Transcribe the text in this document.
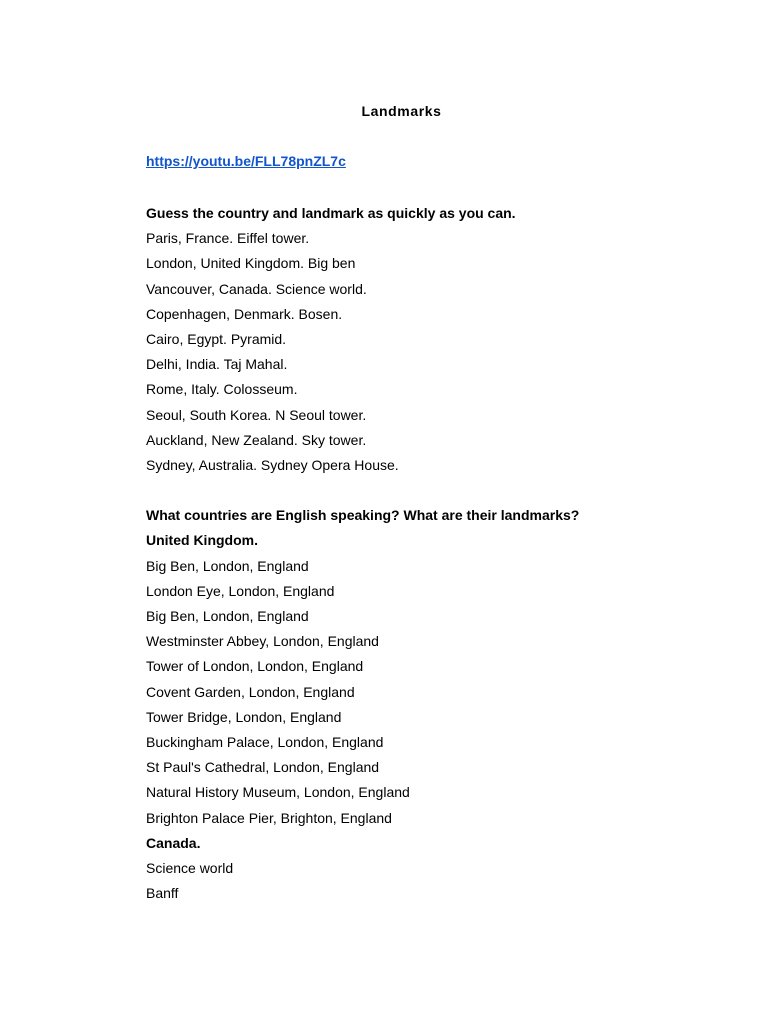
Landmarks
https://youtu.be/FLL78pnZL7c
Guess the country and landmark as quickly as you can.
Paris, France. Eiffel tower.
London, United Kingdom. Big ben
Vancouver, Canada. Science world.
Copenhagen, Denmark. Bosen.
Cairo, Egypt. Pyramid.
Delhi, India. Taj Mahal.
Rome, Italy. Colosseum.
Seoul, South Korea. N Seoul tower.
Auckland, New Zealand. Sky tower.
Sydney, Australia. Sydney Opera House.
What countries are English speaking? What are their landmarks?
United Kingdom.
Big Ben, London, England
London Eye, London, England
Big Ben, London, England
Westminster Abbey, London, England
Tower of London, London, England
Covent Garden, London, England
Tower Bridge, London, England
Buckingham Palace, London, England
St Paul's Cathedral, London, England
Natural History Museum, London, England
Brighton Palace Pier, Brighton, England
Canada.
Science world
Banff
